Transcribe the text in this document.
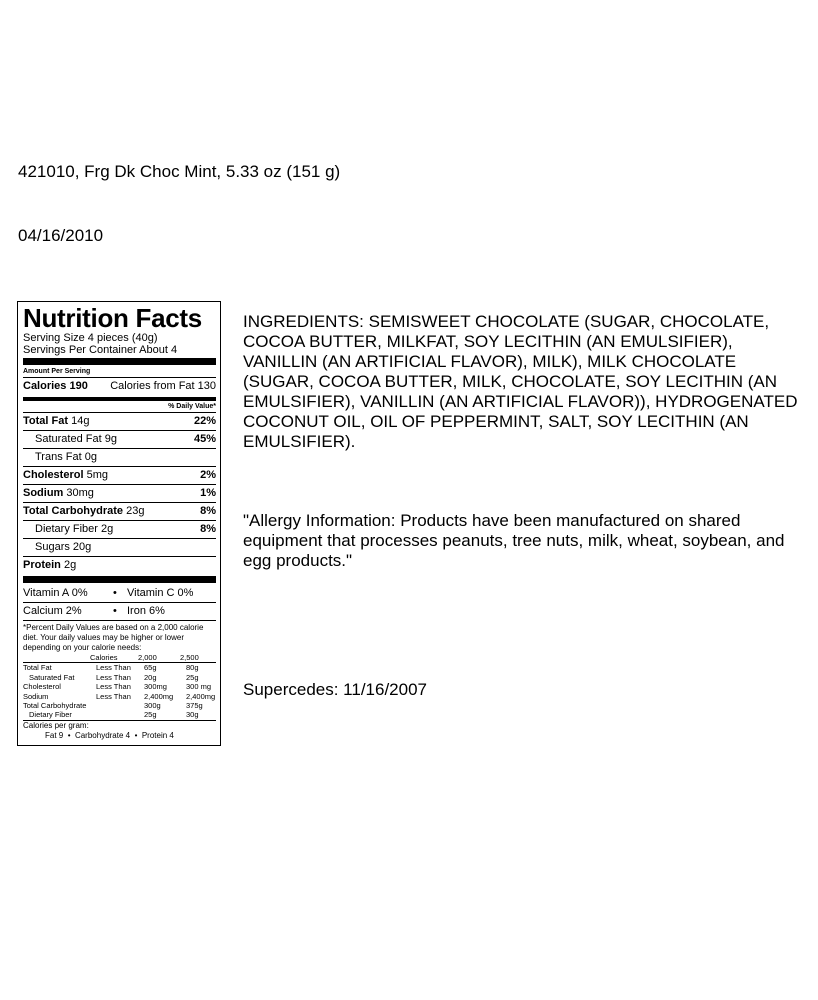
421010, Frg Dk Choc Mint, 5.33 oz (151 g)
04/16/2010
Nutrition Facts
Serving Size 4 pieces (40g)
Servings Per Container About 4
Amount Per Serving
Calories 190 Calories from Fat 130
% Daily Value*
Total Fat 14g	22%
Saturated Fat 9g	45%
Trans Fat 0g
Cholesterol 5mg	2%
Sodium 30mg	1%
Total Carbohydrate 23g	8%
Dietary Fiber 2g	8%
Sugars 20g
Protein 2g
Vitamin A 0%	• Vitamin C 0%
Calcium 2%	• Iron 6%
*Percent Daily Values are based on a 2,000 calorie diet. Your daily values may be higher or lower depending on your calorie needs:
	Calories	2,000	2,500
Total Fat	Less Than	65g	80g
Saturated Fat	Less Than	20g	25g
Cholesterol	Less Than	300mg	300 mg
Sodium	Less Than	2,400mg	2,400mg
Total Carbohydrate		300g	375g
Dietary Fiber		25g	30g
Calories per gram:
Fat 9 • Carbohydrate 4 • Protein 4
INGREDIENTS: SEMISWEET CHOCOLATE (SUGAR, CHOCOLATE, COCOA BUTTER, MILKFAT, SOY LECITHIN (AN EMULSIFIER), VANILLIN (AN ARTIFICIAL FLAVOR), MILK), MILK CHOCOLATE (SUGAR, COCOA BUTTER, MILK, CHOCOLATE, SOY LECITHIN (AN EMULSIFIER), VANILLIN (AN ARTIFICIAL FLAVOR)), HYDROGENATED COCONUT OIL, OIL OF PEPPERMINT, SALT, SOY LECITHIN (AN EMULSIFIER).
"Allergy Information: Products have been manufactured on shared equipment that processes peanuts, tree nuts, milk, wheat, soybean, and egg products."
Supercedes: 11/16/2007
